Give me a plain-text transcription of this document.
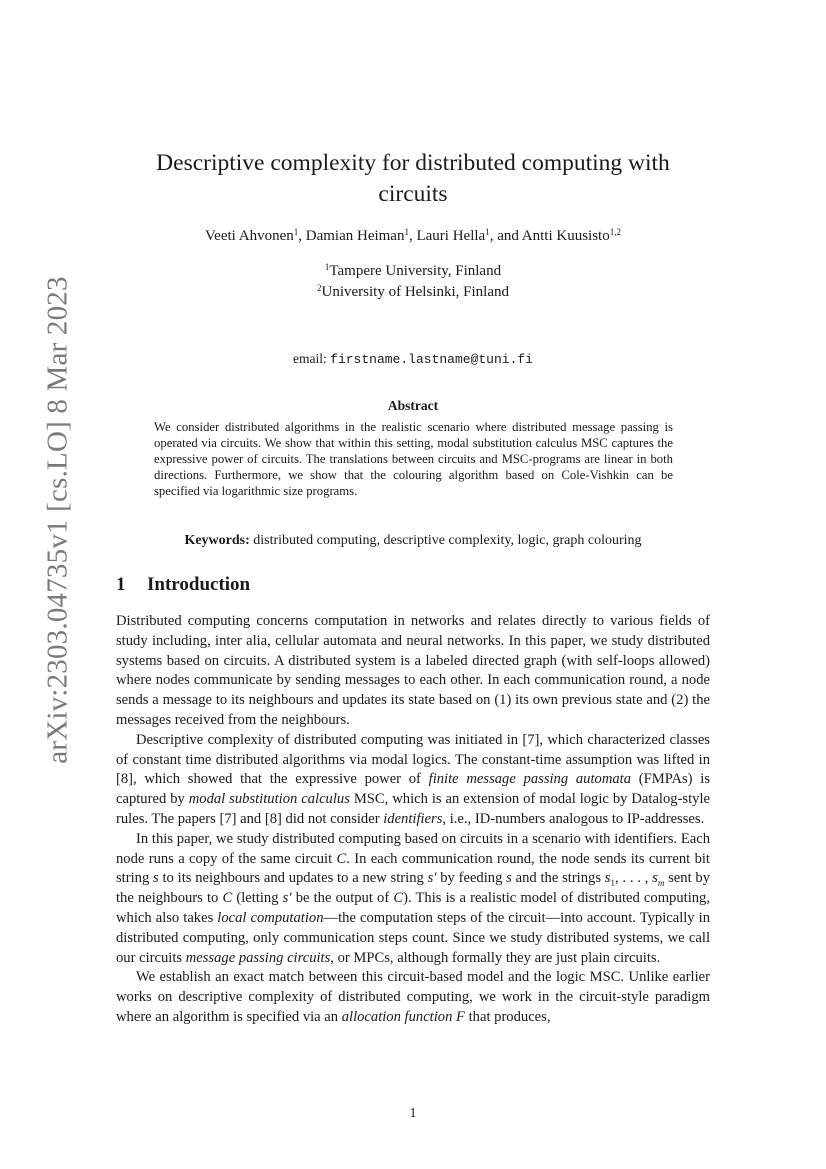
arXiv:2303.04735v1 [cs.LO] 8 Mar 2023
Descriptive complexity for distributed computing with circuits
Veeti Ahvonen$^1$, Damian Heiman$^1$, Lauri Hella$^1$, and Antti Kuusisto$^{1,2}$
$^1$Tampere University, Finland
$^2$University of Helsinki, Finland
email: firstname.lastname@tuni.fi
Abstract
We consider distributed algorithms in the realistic scenario where distributed message passing is operated via circuits. We show that within this setting, modal substitution calculus MSC captures the expressive power of circuits. The translations between circuits and MSC-programs are linear in both directions. Furthermore, we show that the colouring algorithm based on Cole-Vishkin can be specified via logarithmic size programs.
Keywords: distributed computing, descriptive complexity, logic, graph colouring
1 Introduction

Distributed computing concerns computation in networks and relates directly to various fields of study including, inter alia, cellular automata and neural networks. In this paper, we study distributed systems based on circuits. A distributed system is a labeled directed graph (with self-loops allowed) where nodes communicate by sending messages to each other. In each communication round, a node sends a message to its neighbours and updates its state based on (1) its own previous state and (2) the messages received from the neighbours.

Descriptive complexity of distributed computing was initiated in [7], which characterized classes of constant time distributed algorithms via modal logics. The constant-time assumption was lifted in [8], which showed that the expressive power of finite message passing automata (FMPAs) is captured by modal substitution calculus MSC, which is an extension of modal logic by Datalog-style rules. The papers [7] and [8] did not consider identifiers, i.e., ID-numbers analogous to IP-addresses.

In this paper, we study distributed computing based on circuits in a scenario with identifiers. Each node runs a copy of the same circuit C. In each communication round, the node sends its current bit string s to its neighbours and updates to a new string s′ by feeding s and the strings $s_1$, . . . , $s_m$ sent by the neighbours to C (letting s′ be the output of C). This is a realistic model of distributed computing, which also takes local computation—the computation steps of the circuit—into account. Typically in distributed computing, only communication steps count. Since we study distributed systems, we call our circuits message passing circuits, or MPCs, although formally they are just plain circuits.

We establish an exact match between this circuit-based model and the logic MSC. Unlike earlier works on descriptive complexity of distributed computing, we work in the circuit-style paradigm where an algorithm is specified via an allocation function F that produces,

1
